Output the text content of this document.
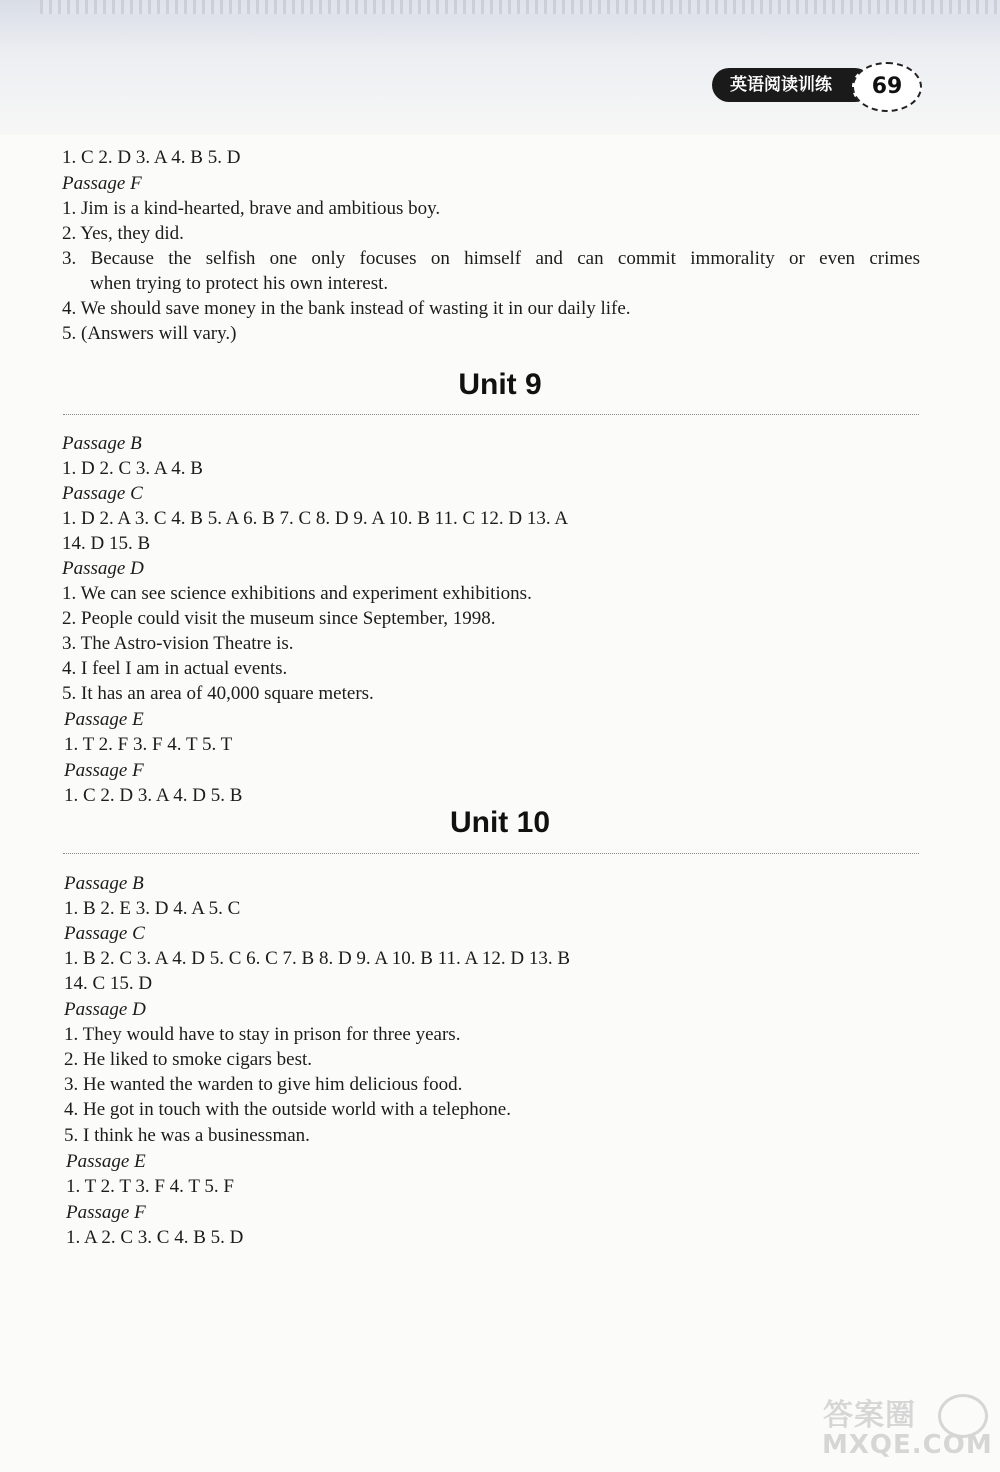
英语阅读训练	69
1. C 2. D 3. A 4. B 5. D
Passage F
1. Jim is a kind-hearted, brave and ambitious boy.
2. Yes, they did.
3. Because the selfish one only focuses on himself and can commit immorality or even crimes
when trying to protect his own interest.
4. We should save money in the bank instead of wasting it in our daily life.
5. (Answers will vary.)
Unit 9
Passage B
1. D 2. C 3. A 4. B
Passage C
1. D 2. A 3. C 4. B 5. A 6. B 7. C 8. D 9. A 10. B 11. C 12. D 13. A
14. D 15. B
Passage D
1. We can see science exhibitions and experiment exhibitions.
2. People could visit the museum since September, 1998.
3. The Astro-vision Theatre is.
4. I feel I am in actual events.
5. It has an area of 40,000 square meters.
Passage E
1. T 2. F 3. F 4. T 5. T
Passage F
1. C 2. D 3. A 4. D 5. B
Unit 10
Passage B
1. B 2. E 3. D 4. A 5. C
Passage C
1. B 2. C 3. A 4. D 5. C 6. C 7. B 8. D 9. A 10. B 11. A 12. D 13. B
14. C 15. D
Passage D
1. They would have to stay in prison for three years.
2. He liked to smoke cigars best.
3. He wanted the warden to give him delicious food.
4. He got in touch with the outside world with a telephone.
5. I think he was a businessman.
Passage E
1. T 2. T 3. F 4. T 5. F
Passage F
1. A 2. C 3. C 4. B 5. D
答案圈
MXQE.COM
